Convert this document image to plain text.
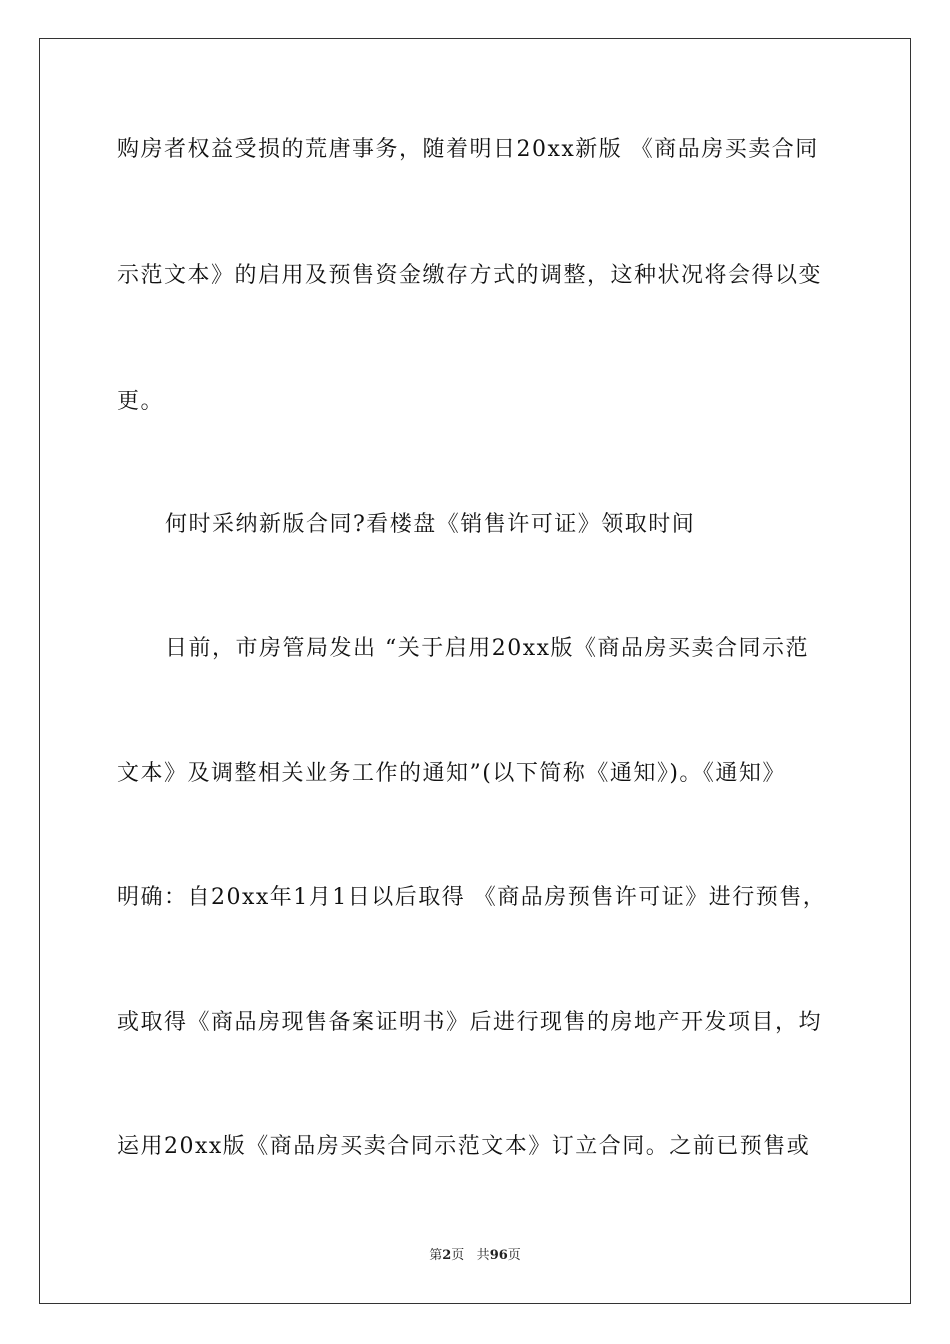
购房者权益受损的荒唐事务，随着明日20xx新版 《商品房买卖合同
示范文本》的启用及预售资金缴存方式的调整，这种状况将会得以变
更。
何时采纳新版合同?看楼盘《销售许可证》领取时间
日前，市房管局发出 “关于启用20xx版《商品房买卖合同示范
文本》及调整相关业务工作的通知”(以下简称《通知》)。《通知》
明确：自20xx年1月1日以后取得 《商品房预售许可证》进行预售，
或取得《商品房现售备案证明书》后进行现售的房地产开发项目，均
运用20xx版《商品房买卖合同示范文本》订立合同。之前已预售或
第2页 共96页
